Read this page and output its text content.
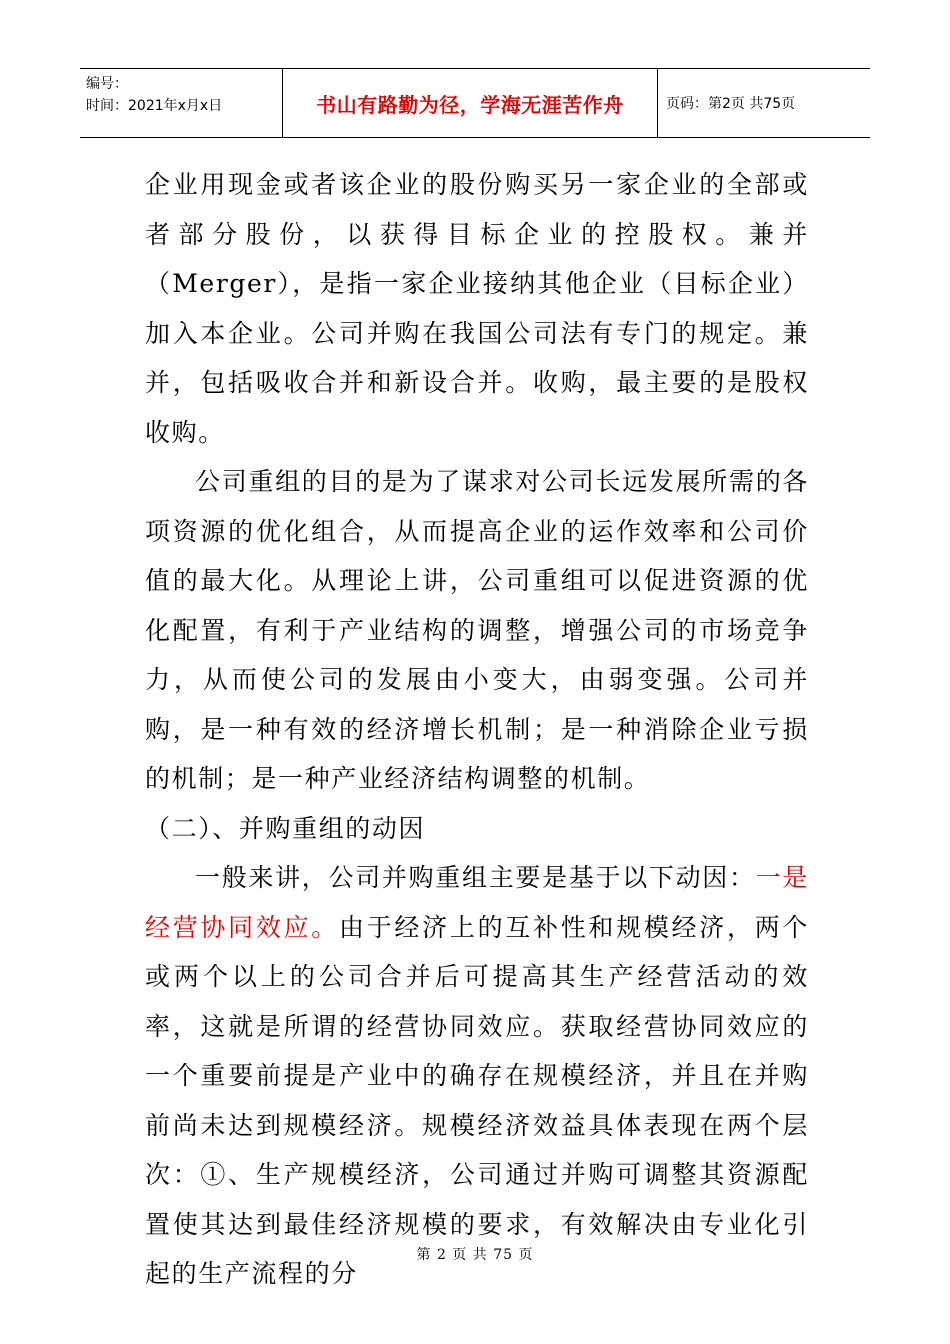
编号：
时间：2021年x月x日	书山有路勤为径，学海无涯苦作舟	页码：第2页 共75页

企业用现金或者该企业的股份购买另一家企业的全部或者部分股份，以获得目标企业的控股权。兼并（Merger），是指一家企业接纳其他企业（目标企业）加入本企业。公司并购在我国公司法有专门的规定。兼并，包括吸收合并和新设合并。收购，最主要的是股权收购。

公司重组的目的是为了谋求对公司长远发展所需的各项资源的优化组合，从而提高企业的运作效率和公司价值的最大化。从理论上讲，公司重组可以促进资源的优化配置，有利于产业结构的调整，增强公司的市场竞争力，从而使公司的发展由小变大，由弱变强。公司并购，是一种有效的经济增长机制；是一种消除企业亏损的机制；是一种产业经济结构调整的机制。

（二）、并购重组的动因

一般来讲，公司并购重组主要是基于以下动因：一是经营协同效应。由于经济上的互补性和规模经济，两个或两个以上的公司合并后可提高其生产经营活动的效率，这就是所谓的经营协同效应。获取经营协同效应的一个重要前提是产业中的确存在规模经济，并且在并购前尚未达到规模经济。规模经济效益具体表现在两个层次：①、生产规模经济，公司通过并购可调整其资源配置使其达到最佳经济规模的要求，有效解决由专业化引起的生产流程的分

第 2 页 共 75 页
